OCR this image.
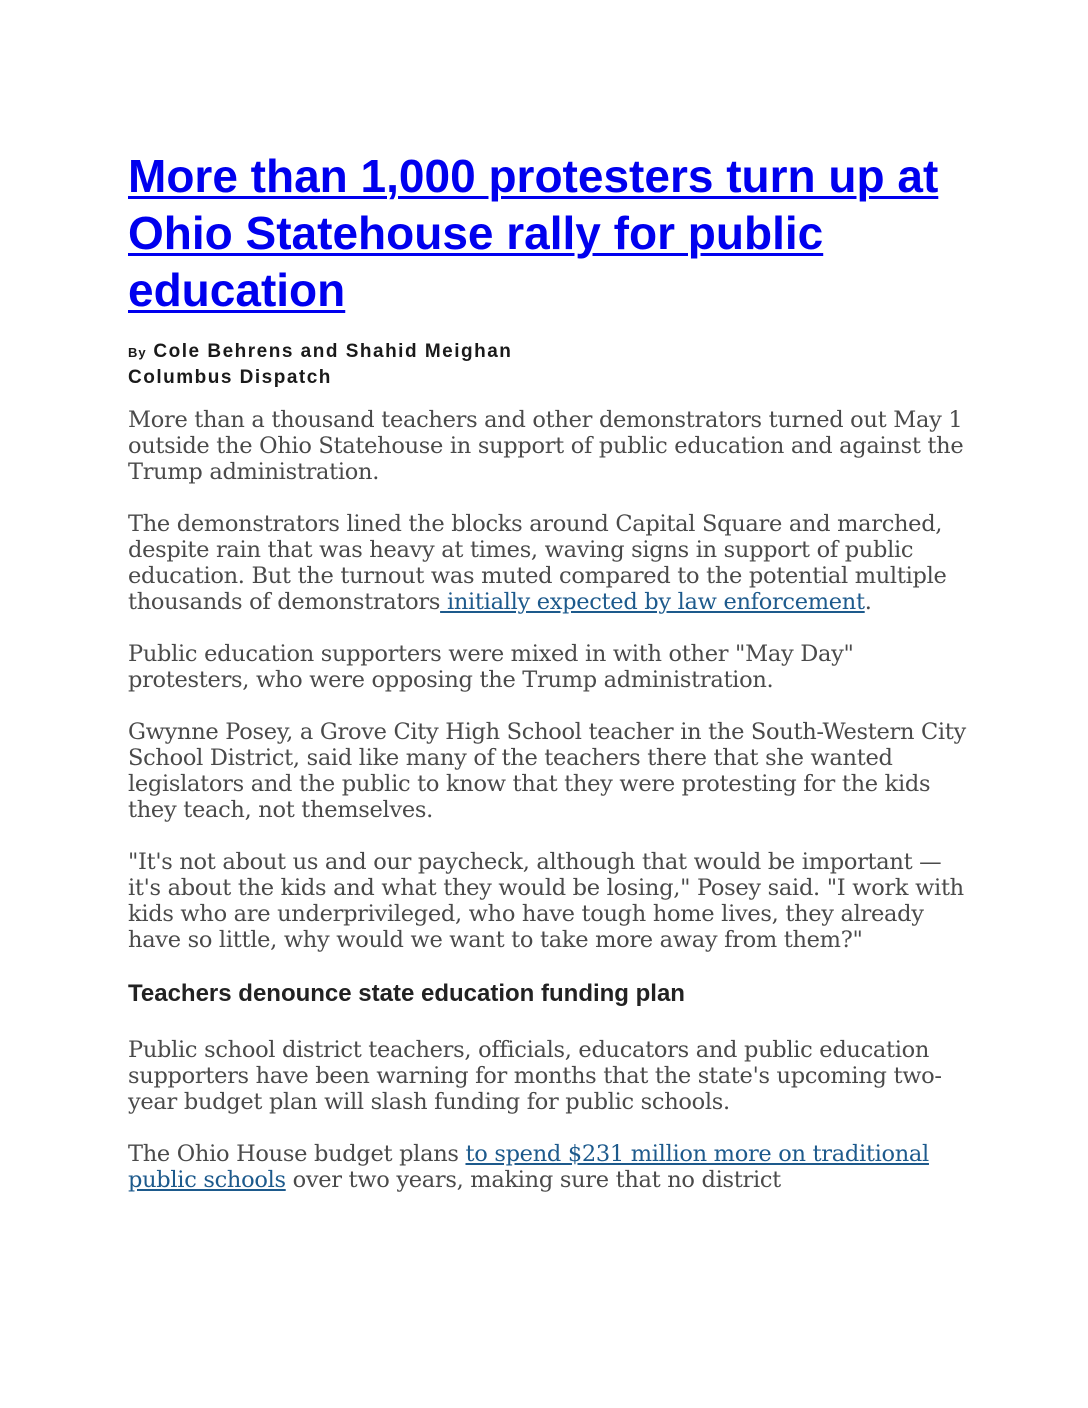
More than 1,000 protesters turn up at Ohio Statehouse rally for public education
By Cole Behrens and Shahid Meighan
Columbus Dispatch

More than a thousand teachers and other demonstrators turned out May 1 outside the Ohio Statehouse in support of public education and against the Trump administration.

The demonstrators lined the blocks around Capital Square and marched, despite rain that was heavy at times, waving signs in support of public education. But the turnout was muted compared to the potential multiple thousands of demonstrators initially expected by law enforcement.

Public education supporters were mixed in with other "May Day" protesters, who were opposing the Trump administration.

Gwynne Posey, a Grove City High School teacher in the South-Western City School District, said like many of the teachers there that she wanted legislators and the public to know that they were protesting for the kids they teach, not themselves.

"It's not about us and our paycheck, although that would be important — it's about the kids and what they would be losing," Posey said. "I work with kids who are underprivileged, who have tough home lives, they already have so little, why would we want to take more away from them?"

Teachers denounce state education funding plan

Public school district teachers, officials, educators and public education supporters have been warning for months that the state's upcoming two-year budget plan will slash funding for public schools.

The Ohio House budget plans to spend $231 million more on traditional public schools over two years, making sure that no district
